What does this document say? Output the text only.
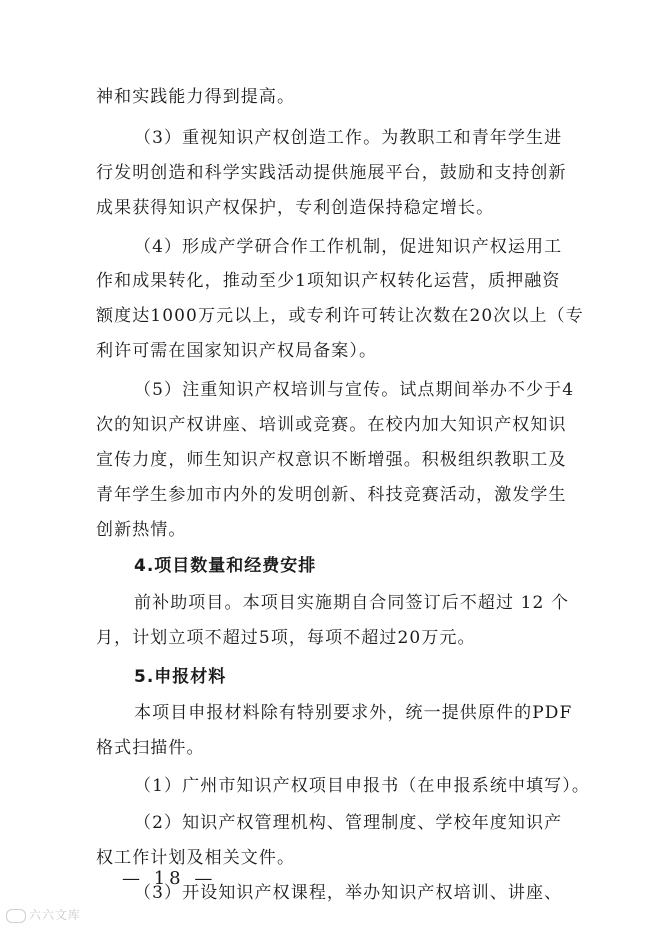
神和实践能力得到提高。
（3）重视知识产权创造工作。为教职工和青年学生进
行发明创造和科学实践活动提供施展平台，鼓励和支持创新
成果获得知识产权保护，专利创造保持稳定增长。
（4）形成产学研合作工作机制，促进知识产权运用工
作和成果转化，推动至少1项知识产权转化运营，质押融资
额度达1000万元以上，或专利许可转让次数在20次以上（专
利许可需在国家知识产权局备案）。
（5）注重知识产权培训与宣传。试点期间举办不少于4
次的知识产权讲座、培训或竞赛。在校内加大知识产权知识
宣传力度，师生知识产权意识不断增强。积极组织教职工及
青年学生参加市内外的发明创新、科技竞赛活动，激发学生
创新热情。
4.项目数量和经费安排
前补助项目。本项目实施期自合同签订后不超过 12 个
月，计划立项不超过5项，每项不超过20万元。
5.申报材料
本项目申报材料除有特别要求外，统一提供原件的PDF
格式扫描件。
（1）广州市知识产权项目申报书（在申报系统中填写）。
（2）知识产权管理机构、管理制度、学校年度知识产
权工作计划及相关文件。
（3）开设知识产权课程，举办知识产权培训、讲座、
— 18 —
六六文库
